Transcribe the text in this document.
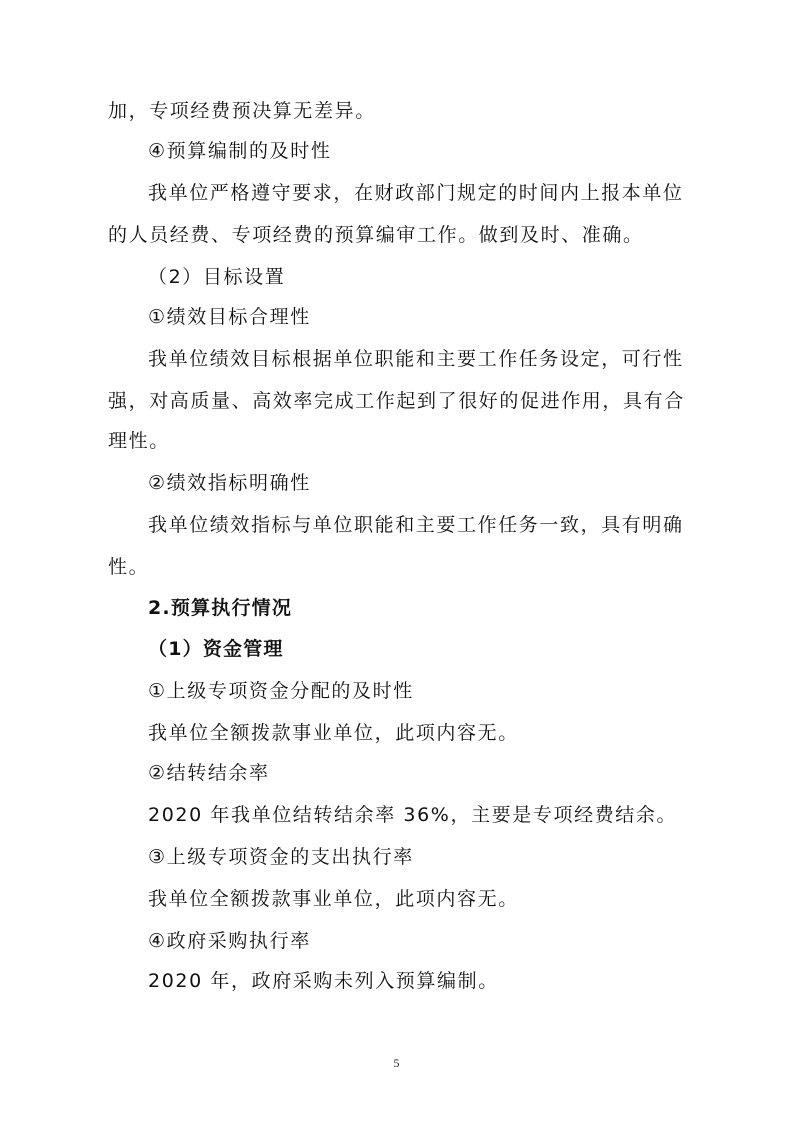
加，专项经费预决算无差异。
④预算编制的及时性
我单位严格遵守要求，在财政部门规定的时间内上报本单位
的人员经费、专项经费的预算编审工作。做到及时、准确。
（2）目标设置
①绩效目标合理性
我单位绩效目标根据单位职能和主要工作任务设定，可行性
强，对高质量、高效率完成工作起到了很好的促进作用，具有合
理性。
②绩效指标明确性
我单位绩效指标与单位职能和主要工作任务一致，具有明确
性。
2.预算执行情况
（1）资金管理
①上级专项资金分配的及时性
我单位全额拨款事业单位，此项内容无。
②结转结余率
2020 年我单位结转结余率 36%，主要是专项经费结余。
③上级专项资金的支出执行率
我单位全额拨款事业单位，此项内容无。
④政府采购执行率
2020 年，政府采购未列入预算编制。
5
